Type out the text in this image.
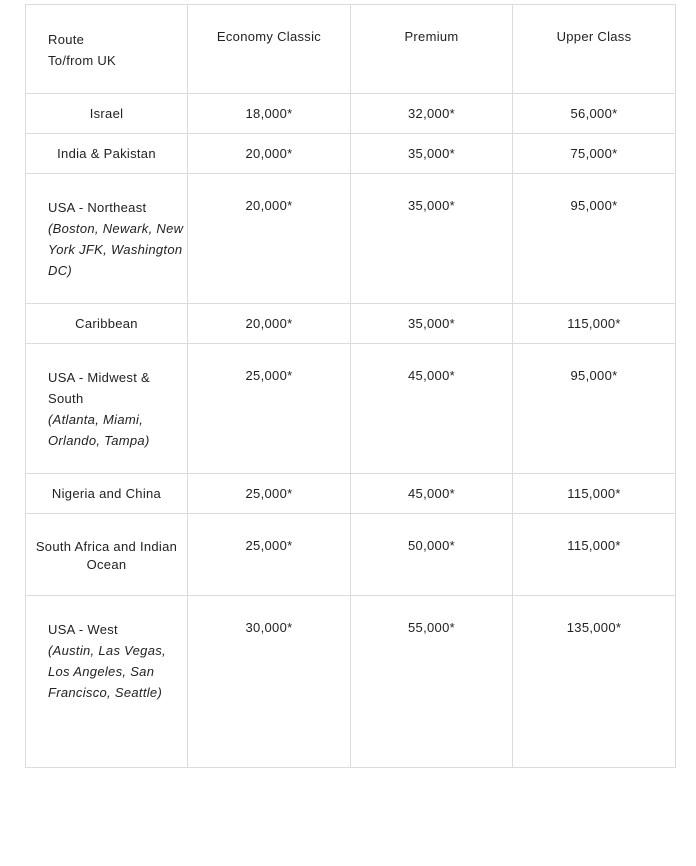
Route
To/from UK	Economy Classic	Premium	Upper Class
Israel	18,000*	32,000*	56,000*
India & Pakistan	20,000*	35,000*	75,000*
USA - Northeast
(Boston, Newark, New York JFK, Washington DC)	20,000*	35,000*	95,000*
Caribbean	20,000*	35,000*	115,000*
USA - Midwest & South
(Atlanta, Miami, Orlando, Tampa)	25,000*	45,000*	95,000*
Nigeria and China	25,000*	45,000*	115,000*
South Africa and Indian Ocean	25,000*	50,000*	115,000*
USA - West
(Austin, Las Vegas, Los Angeles, San Francisco, Seattle)	30,000*	55,000*	135,000*
